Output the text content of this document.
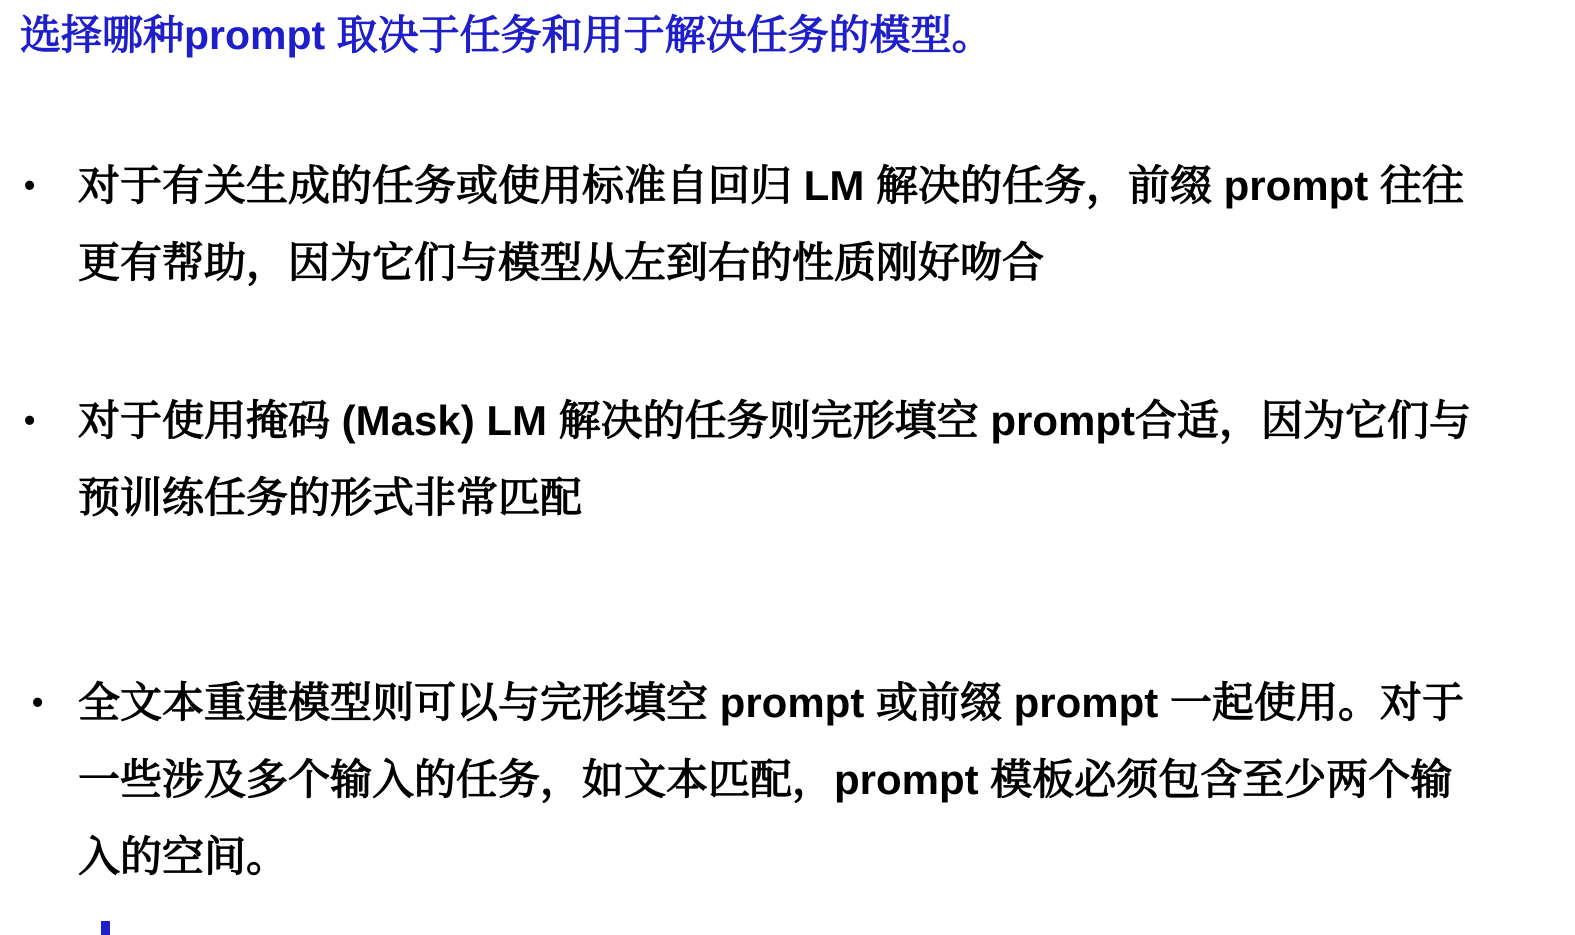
选择哪种prompt 取决于任务和用于解决任务的模型。
•	对于有关生成的任务或使用标准自回归 LM 解决的任务，前缀 prompt 往往
更有帮助，因为它们与模型从左到右的性质刚好吻合
•	对于使用掩码 (Mask) LM 解决的任务则完形填空 prompt合适，因为它们与
预训练任务的形式非常匹配
• 全文本重建模型则可以与完形填空 prompt 或前缀 prompt 一起使用。对于
一些涉及多个输入的任务，如文本匹配，prompt 模板必须包含至少两个输
入的空间。
